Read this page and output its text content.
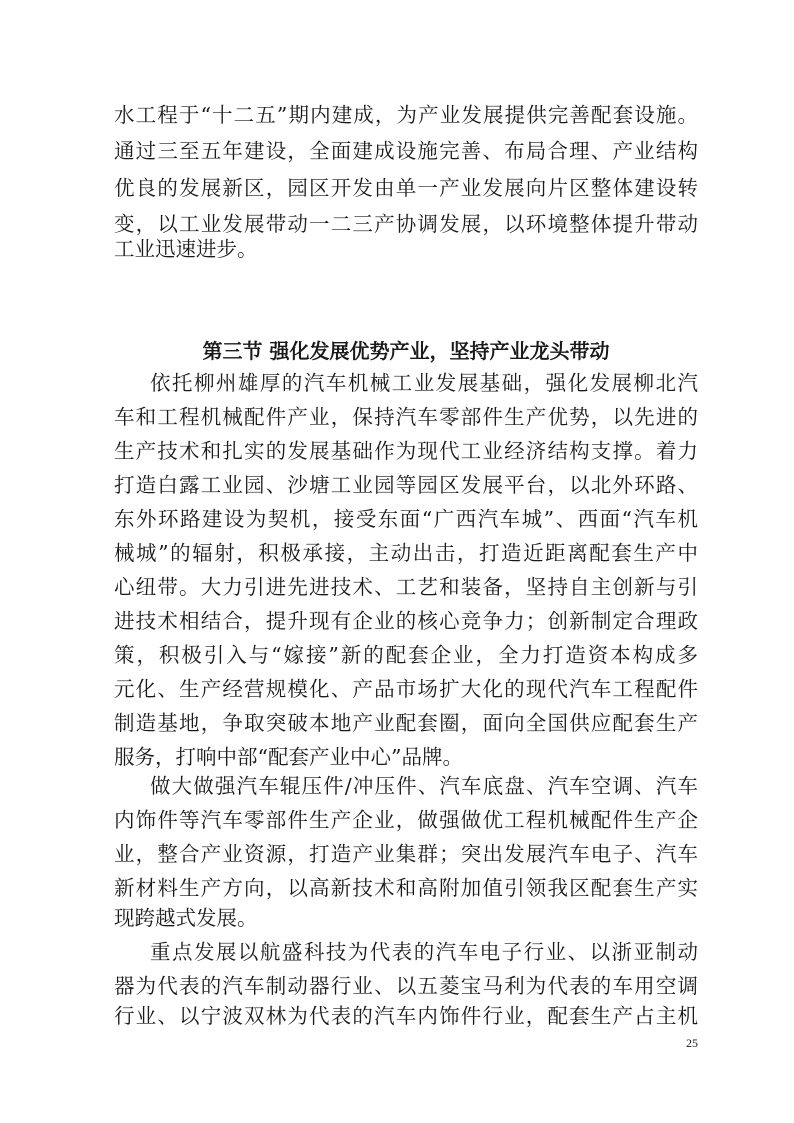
水工程于“十二五”期内建成，为产业发展提供完善配套设施。
通过三至五年建设，全面建成设施完善、布局合理、产业结构
优良的发展新区，园区开发由单一产业发展向片区整体建设转
变，以工业发展带动一二三产协调发展，以环境整体提升带动
工业迅速进步。
第三节 强化发展优势产业，坚持产业龙头带动
依托柳州雄厚的汽车机械工业发展基础，强化发展柳北汽
车和工程机械配件产业，保持汽车零部件生产优势，以先进的
生产技术和扎实的发展基础作为现代工业经济结构支撑。着力
打造白露工业园、沙塘工业园等园区发展平台，以北外环路、
东外环路建设为契机，接受东面“广西汽车城”、西面“汽车机
械城”的辐射，积极承接，主动出击，打造近距离配套生产中
心纽带。大力引进先进技术、工艺和装备，坚持自主创新与引
进技术相结合，提升现有企业的核心竞争力；创新制定合理政
策，积极引入与“嫁接”新的配套企业，全力打造资本构成多
元化、生产经营规模化、产品市场扩大化的现代汽车工程配件
制造基地，争取突破本地产业配套圈，面向全国供应配套生产
服务，打响中部“配套产业中心”品牌。
做大做强汽车辊压件/冲压件、汽车底盘、汽车空调、汽车
内饰件等汽车零部件生产企业，做强做优工程机械配件生产企
业，整合产业资源，打造产业集群；突出发展汽车电子、汽车
新材料生产方向，以高新技术和高附加值引领我区配套生产实
现跨越式发展。
重点发展以航盛科技为代表的汽车电子行业、以浙亚制动
器为代表的汽车制动器行业、以五菱宝马利为代表的车用空调
行业、以宁波双林为代表的汽车内饰件行业，配套生产占主机
25
